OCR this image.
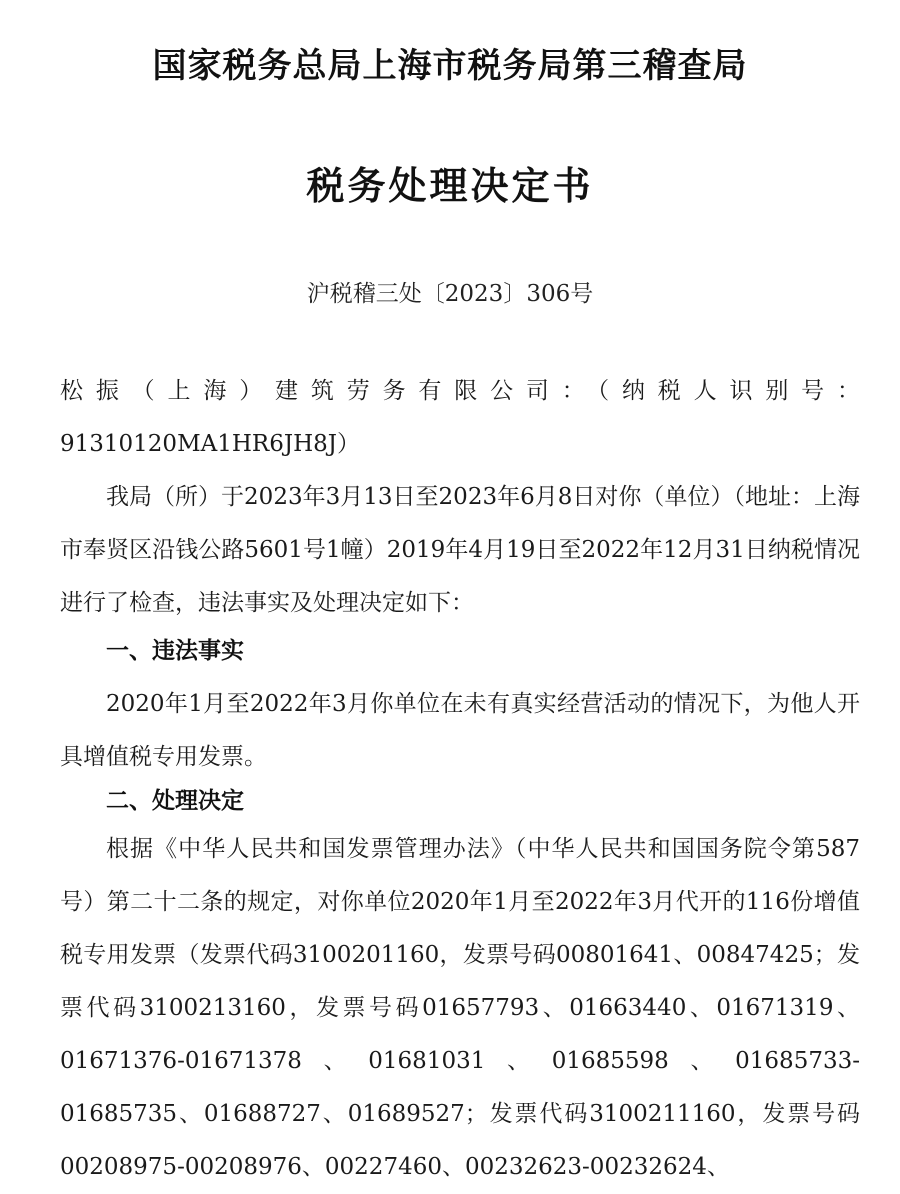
国家税务总局上海市税务局第三稽查局
税务处理决定书

沪税稽三处〔2023〕306号

松振（上海）建筑劳务有限公司：（纳税人识别号：91310120MA1HR6JH8J）

我局（所）于2023年3月13日至2023年6月8日对你（单位）（地址：上海市奉贤区沿钱公路5601号1幢）2019年4月19日至2022年12月31日纳税情况进行了检查，违法事实及处理决定如下：

一、违法事实

2020年1月至2022年3月你单位在未有真实经营活动的情况下，为他人开具增值税专用发票。

二、处理决定

根据《中华人民共和国发票管理办法》（中华人民共和国国务院令第587号）第二十二条的规定，对你单位2020年1月至2022年3月代开的116份增值税专用发票（发票代码3100201160，发票号码00801641、00847425；发票代码3100213160，发票号码01657793、01663440、01671319、01671376-01671378、01681031、01685598、01685733-01685735、01688727、01689527；发票代码3100211160，发票号码00208975-00208976、00227460、00232623-00232624、
